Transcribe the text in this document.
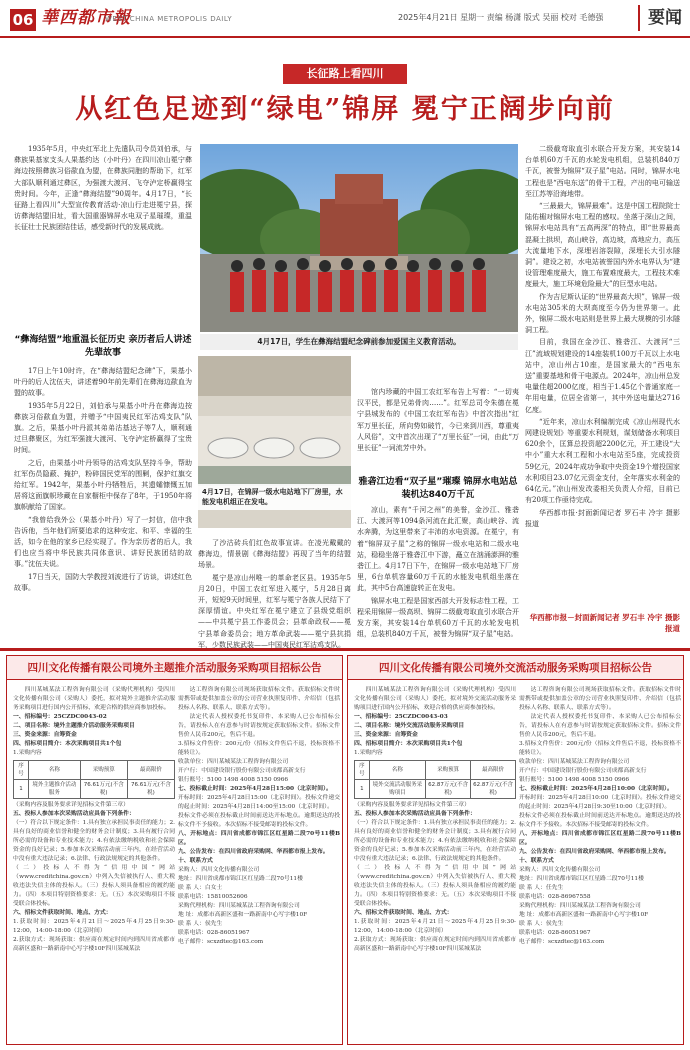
06 華西都市報
WEST CHINA METROPOLIS DAILY	2025年4月21日 星期一 责编 杨潇 版式 吴丽 校对 毛德强	要闻
长征路上看四川
从红色足迹到“绿电”锦屏 冕宁正阔步向前

1935年5月，中央红军北上先遣队司令员刘伯承，与彝族果基家支头人果基约达（小叶丹）在四川凉山冕宁彝海边按照彝族习俗歃血为盟，在彝族同胞的帮助下，红军大部队顺利通过彝区，为强渡大渡河、飞夺泸定桥赢得宝贵时间。今年，正逢“彝海结盟”90周年。4月17日，“长征路上看四川”大型宣传教育活动·凉山行走进冕宁县，探访彝海结盟旧址，看大国重器锦屏水电双子星璀璨，重温长征壮士民族团结佳话，感受新时代的发展成就。

“彝海结盟”地重温长征历史 亲历者后人讲述先辈故事

17日上午10时许，在“彝海结盟纪念碑”下，果基小叶丹的后人沈伍夫，讲述着90年前先辈们在彝海边歃血为盟的故事。

1935年5月22日，刘伯承与果基小叶丹在彝海边按彝族习俗歃血为盟，并赠予“中国夷民红军沽鸡支队”队旗。之后，果基小叶丹派其弟弟沽基达子等7人，顺利通过旦彝聚区，为红军强渡大渡河、飞夺泸定桥赢得了宝贵时间。

之后，由果基小叶丹领导的沽鸡支队坚持斗争，帮助红军伤员隐蔽、掩护，粉碎国民党军的围剿，保护红旗交给红军。1942年，果基小叶丹牺牲后，其遗孀慷慨五加居将这面旗帜珍藏在自家橱柜中保存了8年，于1950年将旗帜献给了国家。

“我曾给我外公（果基小叶丹）写了一封信，信中我告诉他，当年他们所要追求的这种安定、和平、幸福的生活，如今在他的家乡已经实现了。作为亲历者的后人，我们也应当将中华民族共同体意识、讲好民族团结的故事。”沈伍夫说。

17日当天，国防大学教授刘波进行了访谈，讲述红色故事。

4月17日，学生在彝海结盟纪念碑前参加爱国主义教育活动。
4月17日，在锦屏一级水电站地下厂房里，水能发电机组正在发电。

了沙沽砖兵们红色故事宣讲。在凌光戴戴的彝海边，情景剧《彝海结盟》再现了当年的结盟场景。

冕宁是凉山州唯一的革命老区县。1935年5月20日，中国工农红军进入冕宁，5月28日离开，短短9天时间里，红军与冕宁各族人民结下了深厚情谊。中央红军在冕宁建立了县级党组织——中共冕宁县工作委员会；县革命政权——冕宁县革命委员会；地方革命武装——冕宁县抗捐军，少数民族武装——中国夷民红军沽鸡支队。

馆内珍藏的中国工农红军布告上写着：“一切夷汉平民，都是兄弟骨肉……”。红军总司令朱德在冕宁县城发布的《中国工农红军布告》中首次指出“红军万里长征，所向势如破竹，今已来到川西，尊重夷人风俗”，文中首次出现了“万里长征”一词，由此“万里长征”一词流芳中外。

雅砻江边看“双子星”璀璨 锦屏水电站总装机达840万千瓦

凉山，素有“千河之州”的美誉，金沙江、雅砻江、大渡河等1094条河流在此汇聚，高山峡谷、流水奔腾，为这里带来了丰沛的水电资源。在冕宁，有着“锦屏双子星”之称的锦屏一级水电站和二级水电站，稳稳坐落于雅砻江中下游，矗立在汹涌澎湃的雅砻江上。4月17日下午，在锦屏一级水电站地下厂房里，6台单机容量60万千瓦的水能发电机组坐落在此，其中5台高速旋转正在发电。

锦屏水电工程是国家西部大开发标志性工程，工程采用锦屏一级高坝、锦屏二级截弯取直引水联合开发方案，其安装14台单机60万千瓦的水轮发电机组，总装机840万千瓦，被誉为锦屏“双子星”电站。

二级截弯取直引水联合开发方案，其安装14台单机60万千瓦的水轮发电机组，总装机840万千瓦，被誉为锦屏“双子星”电站。同时，锦屏水电工程也是“西电东送”的骨干工程，产出的电可输送至江苏等沿海地带。

“三最最大，锦屏最难”。这是中国工程院院士陆佑楣对锦屏水电工程的感叹。坐落于深山之间，锦屏水电站具有“五高两深”的特点，即“世界最高混凝土拱坝，高山峡谷，高边坡，高地应力，高压大流量地下水，深埋岩溶裂隙，深埋长大引水隧洞”。建设之初，水电站被誉国内外水电界认为“建设管理难度最大，施工布置难度最大，工程技术难度最大，施工环境危险最大”的巨型水电站。

作为吉尼斯认证的“世界最高大坝”，锦屏一级水电站305米的大坝高度至今仍为世界第一。此外，锦屏二级水电站则是世界上最大规模的引水隧洞工程。

目前，我国在金沙江、雅砻江、大渡河“三江”流域规划建设的14座装机100万千瓦以上水电站中，凉山州占10座，是国家最大的“西电东送”重要基地和骨干电源点。2024年，凉山州总发电量佳超2000亿度，相当于1.45亿个普通家庭一年用电量，位居全省第一，其中外送电量达2716亿度。

“近年来，凉山水利编制完成《凉山州现代水网建设规划》等重要水利规划，谋划储备水利项目620余个，匡算总投资超2200亿元，开工建设“大中小”重大水利工程和小水电站至5座，完成投资59亿元，2024年成功争取中央资金19个增投国家水利项目23.07亿元资金支付，全年落实水利金的64亿元。”凉山州发改委相关负责人介绍，目前已有20项工作亟待完成。

华西都市报·封面新闻记者 罗石丰 冷宇 摄影报道

华西都市报－封面新闻记者 罗石丰 冷宇 摄影报道
四川文化传播有限公司境外主题推介活动服务采购项目招标公告

四川某城某法工程咨询有限公司（采购代理机构）受四川文化传播有限公司（采购人）委托，拟对境外主题推介活动服务采购项目进行国内公开招标，欢迎合格的供应商参加投标。

一、招标编号：25CZDC0043-02

二、项目名称：境外主题推介活动服务采购项目

三、资金来源：自筹资金

四、招标项目简介：本次采购项目共1个包

1.采购内容

序号	名称	采购预算	最高限价
1	境外主题推介活动服务	76.61万元(不含税)	76.61万元(不含税)

（采购内容及服务要求详见招标文件第三章）

五、投标人参加本次采购活动应具备下列条件：

（一）符合以下规定条件：1.具有独立承担民事责任的能力；2.具有良好的商业信誉和健全的财务会计制度；3.具有履行合同所必需的设备和专业技术能力；4.有依法缴纳税收和社会保障资金的良好记录；5.参加本次采购活动前三年内，在经营活动中没有重大违法记录；6.法律、行政法规规定的其他条件。

（二）投标人不得为“信用中国”网站（www.creditchina.gov.cn）中列入失信被执行人、重大税收违法失信主体的投标人。（三）投标人须具备相应的履约能力。（四）本项目特别资格要求：无。（五）本次采购项目不接受联合体投标。

六、招标文件获取时间、地点、方式：

1.获取时间：2025年4月21日～2025年4月25日9:30-12:00，14:00-18:00（北京时间）

2.获取方式：现场获取：供应商在规定时间内到四川省成都市高新区盛和一路新南中心写字楼10F四川某城某法

达工程咨询有限公司现场获取招标文件。获取招标文件时需携带或提供加盖公章的公司营业执照复印件、介绍信（包括投标人名称、联系人、联系方式等）。

法定代表人授权委托书复印件、本采购人已公布招标公告，请投标人在有意参与时请按规定获取招标文件。招标文件售价人民币200元，售后不退。

3.招标文件售价：200元/份（招标文件售后不退，投标资格不能转让）。

收款单位：四川某城某法工程咨询有限公司

开户行：中国建设银行股份有限公司成都高新支行

银行账号：5100 1498 4008 5150 0966

七、投标截止时间：2025年4月28日15:00（北京时间）。

开标时间：2025年4月28日15:00（北京时间）。投标文件递交的起止时间：2025年4月28日14:00至15:00（北京时间）。

投标文件必须在投标截止时间前送达开标地点。逾期送达的投标文件不予接收。本次招标不接受邮寄的投标文件。

八、开标地点：四川省成都市锦江区红星路二段70号11楼B区。

九、公告发布：在四川省政府采购网、华西都市报上发布。

十、联系方式

采购人：四川文化传播有限公司

地址：四川省成都市锦江区红星路二段70号11楼

联 系 人：白女士

联系电话：15810052606

采购代理机构：四川某城某法工程咨询有限公司

地 址：成都市高新区盛和一路新南中心写字楼10F

联 系 人：侯先生

联系电话：028-86051967

电子邮件：scxzdtec@163.com

四川文化传播有限公司境外交流活动服务采购项目招标公告

四川某城某法工程咨询有限公司（采购代理机构）受四川文化传播有限公司（采购人）委托，拟对境外交流活动服务采购项目进行国内公开招标，欢迎合格的供应商参加投标。

一、招标编号：25CZDC0043-03

二、项目名称：境外交流活动服务采购项目

三、资金来源：自筹资金

四、招标项目简介：本次采购项目共1个包

1.采购内容

序号	名称	采购预算	最高限价
1	境外交流活动服务采购项目	62.87万元(不含税)	62.87万元(不含税)

（采购内容及服务要求详见招标文件第三章）

五、投标人参加本次采购活动应具备下列条件：

（一）符合以下规定条件：1.具有独立承担民事责任的能力；2.具有良好的商业信誉和健全的财务会计制度；3.具有履行合同所必需的设备和专业技术能力；4.有依法缴纳税收和社会保障资金的良好记录；5.参加本次采购活动前三年内，在经营活动中没有重大违法记录；6.法律、行政法规规定的其他条件。

（二）投标人不得为“信用中国”网站（www.creditchina.gov.cn）中列入失信被执行人、重大税收违法失信主体的投标人。（三）投标人须具备相应的履约能力。（四）本项目特别资格要求：无。（五）本次采购项目不接受联合体投标。

六、招标文件获取时间、地点、方式：

1.获取时间：2025年4月21日～2025年4月25日9:30-12:00，14:00-18:00（北京时间）

2.获取方式：现场获取：供应商在规定时间内到四川省成都市高新区盛和一路新南中心写字楼10F四川某城某法

达工程咨询有限公司现场获取招标文件。获取招标文件时需携带或提供加盖公章的公司营业执照复印件、介绍信（包括投标人名称、联系人、联系方式等）。

法定代表人授权委托书复印件、本采购人已公布招标公告，请投标人在有意参与时请按规定获取招标文件。招标文件售价人民币200元，售后不退。

3.招标文件售价：200元/份（招标文件售后不退，投标资格不能转让）。

收款单位：四川某城某法工程咨询有限公司

开户行：中国建设银行股份有限公司成都高新支行

银行账号：5100 1498 4008 5150 0966

七、投标截止时间：2025年4月28日10:00（北京时间）。

开标时间：2025年4月28日10:00（北京时间）。投标文件递交的起止时间：2025年4月28日9:30至10:00（北京时间）。

投标文件必须在投标截止时间前送达开标地点。逾期送达的投标文件不予接收。本次招标不接受邮寄的投标文件。

八、开标地点：四川省成都市锦江区红星路二段70号11楼B区。

九、公告发布：在四川省政府采购网、华西都市报上发布。

十、联系方式

采购人：四川文化传播有限公司

地址：四川省成都市锦江区红星路二段70号11楼

联 系 人：任先生

联系电话：028-86967558

采购代理机构：四川某城某法工程咨询有限公司

地 址：成都市高新区盛和一路新南中心写字楼10F

联 系 人：侯先生

联系电话：028-86051967

电子邮件：scxzdtec@163.com
